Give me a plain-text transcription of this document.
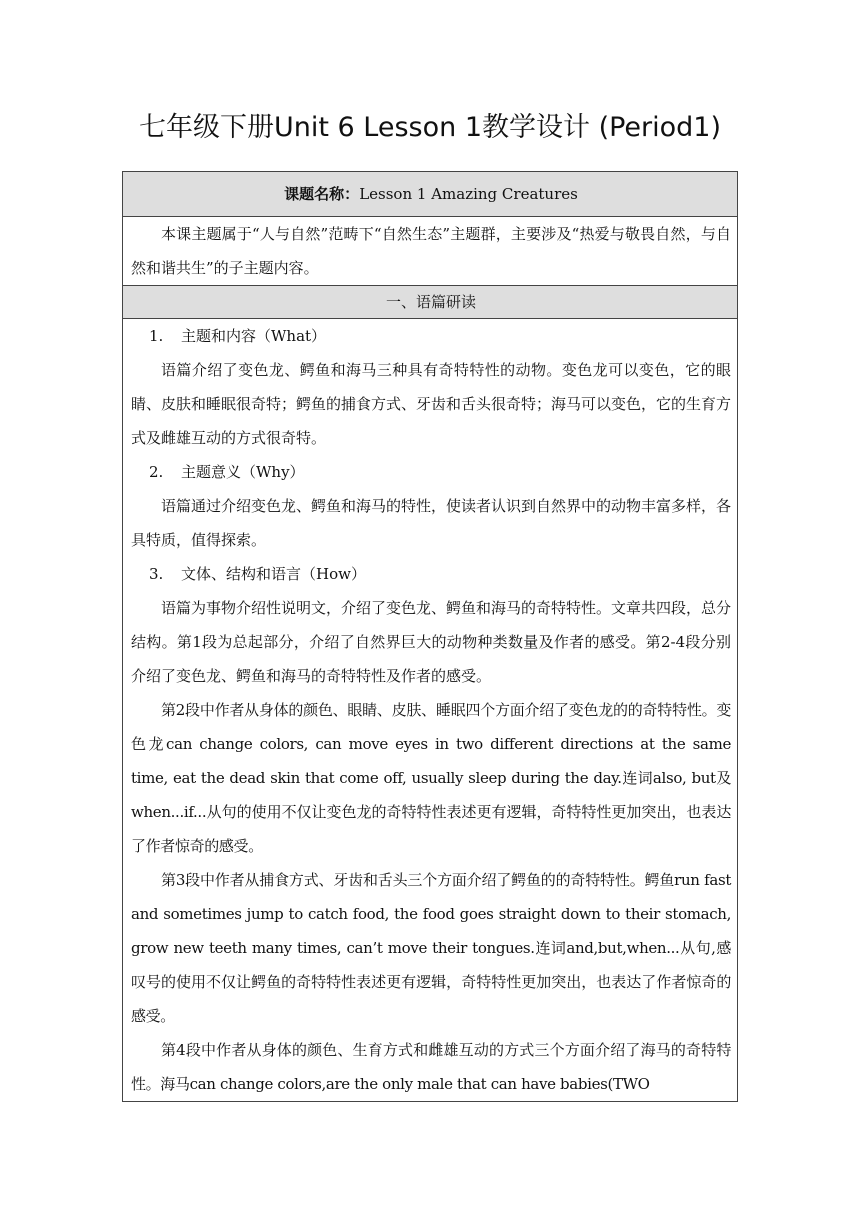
七年级下册Unit 6 Lesson 1教学设计 (Period1)
课题名称：Lesson 1 Amazing Creatures

本课主题属于“人与自然”范畴下“自然生态”主题群，主要涉及“热爱与敬畏自然，与自然和谐共生”的子主题内容。

一、语篇研读

1. 主题和内容（What）

语篇介绍了变色龙、鳄鱼和海马三种具有奇特特性的动物。变色龙可以变色，它的眼睛、皮肤和睡眠很奇特；鳄鱼的捕食方式、牙齿和舌头很奇特；海马可以变色，它的生育方式及雌雄互动的方式很奇特。

2. 主题意义（Why）

语篇通过介绍变色龙、鳄鱼和海马的特性，使读者认识到自然界中的动物丰富多样，各具特质，值得探索。

3. 文体、结构和语言（How）

语篇为事物介绍性说明文，介绍了变色龙、鳄鱼和海马的奇特特性。文章共四段，总分结构。第1段为总起部分，介绍了自然界巨大的动物种类数量及作者的感受。第2-4段分别介绍了变色龙、鳄鱼和海马的奇特特性及作者的感受。

第2段中作者从身体的颜色、眼睛、皮肤、睡眠四个方面介绍了变色龙的的奇特特性。变色龙can change colors, can move eyes in two different directions at the same time, eat the dead skin that come off, usually sleep during the day.连词also, but及when...if...从句的使用不仅让变色龙的奇特特性表述更有逻辑，奇特特性更加突出，也表达了作者惊奇的感受。

第3段中作者从捕食方式、牙齿和舌头三个方面介绍了鳄鱼的的奇特特性。鳄鱼run fast and sometimes jump to catch food, the food goes straight down to their stomach, grow new teeth many times, can’t move their tongues.连词and,but,when...从句,感叹号的使用不仅让鳄鱼的奇特特性表述更有逻辑，奇特特性更加突出，也表达了作者惊奇的感受。

第4段中作者从身体的颜色、生育方式和雌雄互动的方式三个方面介绍了海马的奇特特性。海马can change colors,are the only male that can have babies(TWO
